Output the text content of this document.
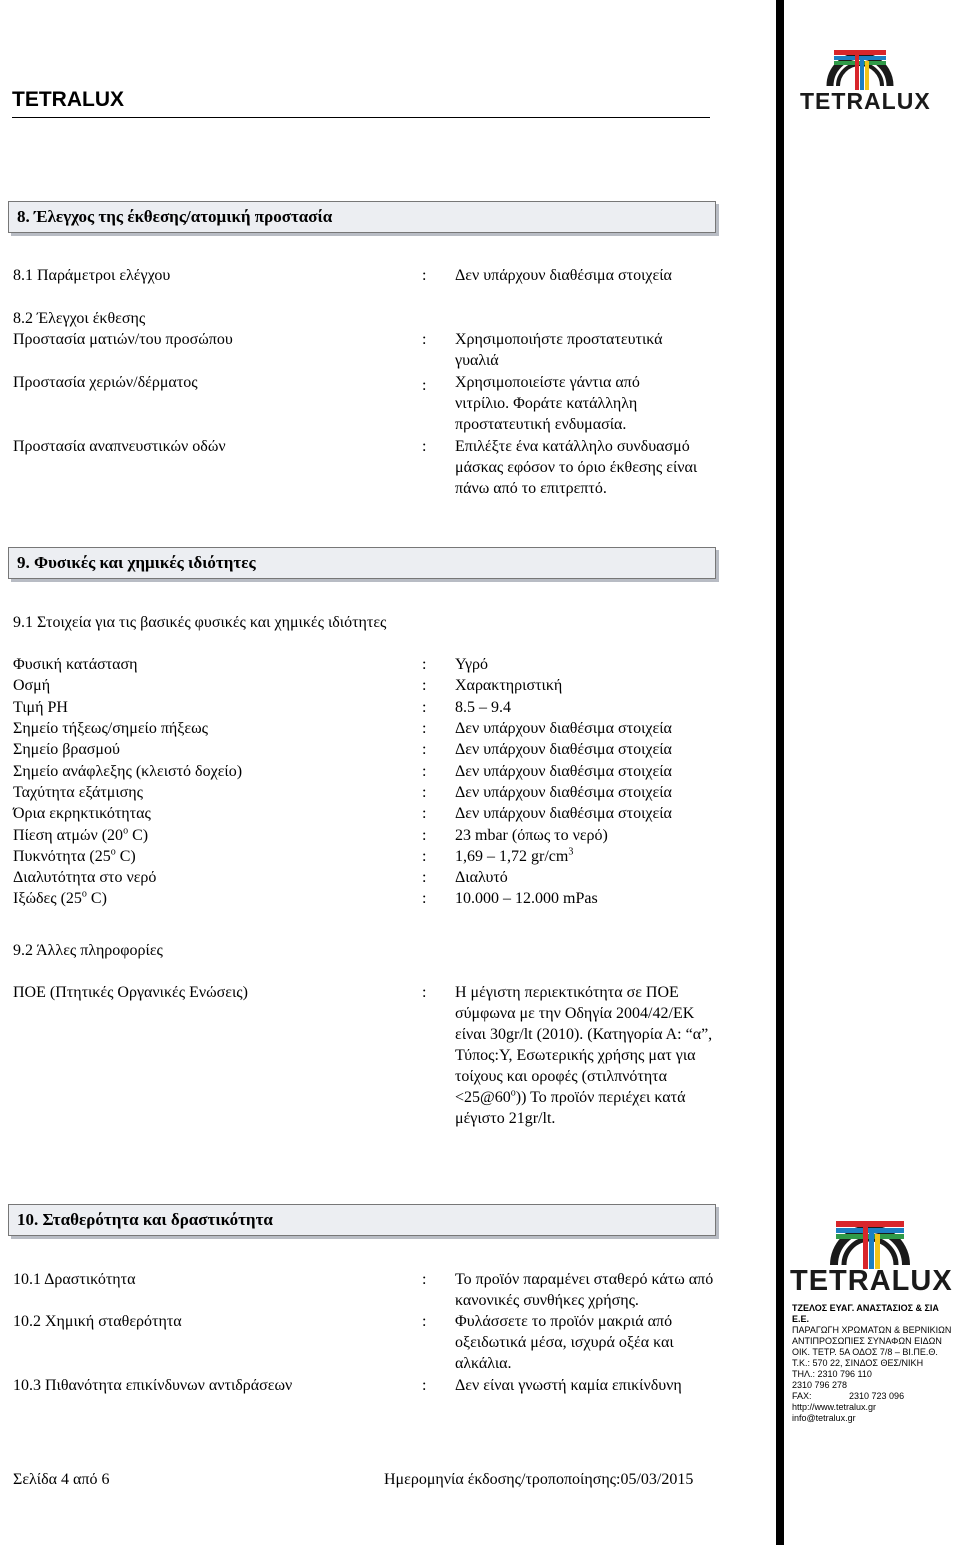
TETRALUX	TETRALUX
8. Έλεγχος της έκθεσης/ατομική προστασία
8.1 Παράμετροι ελέγχου	: Δεν υπάρχουν διαθέσιμα στοιχεία
8.2 Έλεγχοι έκθεσης
Προστασία ματιών/του προσώπου	: Χρησιμοποιήστε προστατευτικά γυαλιά
Προστασία χεριών/δέρματος	: Χρησιμοποιείστε γάντια από νιτρίλιο. Φοράτε κατάλληλη προστατευτική ενδυμασία.
Προστασία αναπνευστικών οδών	: Επιλέξτε ένα κατάλληλο συνδυασμό μάσκας εφόσον το όριο έκθεσης είναι πάνω από το επιτρεπτό.
9. Φυσικές και χημικές ιδιότητες
9.1 Στοιχεία για τις βασικές φυσικές και χημικές ιδιότητες
Φυσική κατάσταση	: Υγρό
Οσμή	: Χαρακτηριστική
Τιμή PH	: 8.5 – 9.4
Σημείο τήξεως/σημείο πήξεως	: Δεν υπάρχουν διαθέσιμα στοιχεία
Σημείο βρασμού	: Δεν υπάρχουν διαθέσιμα στοιχεία
Σημείο ανάφλεξης (κλειστό δοχείο)	: Δεν υπάρχουν διαθέσιμα στοιχεία
Ταχύτητα εξάτμισης	: Δεν υπάρχουν διαθέσιμα στοιχεία
Όρια εκρηκτικότητας	: Δεν υπάρχουν διαθέσιμα στοιχεία
Πίεση ατμών (20$^o$ C)	: 23 mbar (όπως το νερό)
Πυκνότητα (25$^o$ C)	: 1,69 – 1,72 $gr/cm^3$
Διαλυτότητα στο νερό	: Διαλυτό
Ιξώδες (25$^o$ C)	: 10.000 – 12.000 mPas
9.2 Άλλες πληροφορίες
ΠΟΕ (Πτητικές Οργανικές Ενώσεις)	: Η μέγιστη περιεκτικότητα σε ΠΟΕ σύμφωνα με την Οδηγία 2004/42/ΕΚ είναι 30gr/lt (2010). (Κατηγορία Α: “α”, Τύπος:Υ, Εσωτερικής χρήσης ματ για τοίχους και οροφές $(\sigma\tau\iota\lambda\pi\nu ό\tau\eta\tau\alpha <25@60^o)$) Το προϊόν περιέχει κατά μέγιστο 21gr/lt.
10. Σταθερότητα και δραστικότητα
10.1 Δραστικότητα	: Το προϊόν παραμένει σταθερό κάτω από κανονικές συνθήκες χρήσης.
10.2 Χημική σταθερότητα	: Φυλάσσετε το προϊόν μακριά από οξειδωτικά μέσα, ισχυρά οξέα και αλκάλια.
10.3 Πιθανότητα επικίνδυνων αντιδράσεων	: Δεν είναι γνωστή καμία επικίνδυνη
TETRALUX
ΤΖΕΛΟΣ ΕΥΑΓ. ΑΝΑΣΤΑΣΙΟΣ & ΣΙΑ
Ε.Ε.
ΠΑΡΑΓΩΓΗ ΧΡΩΜΑΤΩΝ & ΒΕΡΝΙΚΙΩΝ
ΑΝΤΙΠΡΟΣΩΠΙΕΣ ΣΥΝΑΦΩΝ ΕΙΔΩΝ
ΟΙΚ. ΤΕΤΡ. 5Α ΟΔΟΣ 7/8 – ΒΙ.ΠΕ.Θ.
Τ.Κ.: 570 22, ΣΙΝΔΟΣ ΘΕΣ/ΝΙΚΗ
ΤΗΛ.: 2310 796 110
2310 796 278
FAX:               2310 723 096
http://www.tetralux.gr
info@tetralux.gr
Σελίδα 4 από 6	Ημερομηνία έκδοσης/τροποποίησης:05/03/2015
